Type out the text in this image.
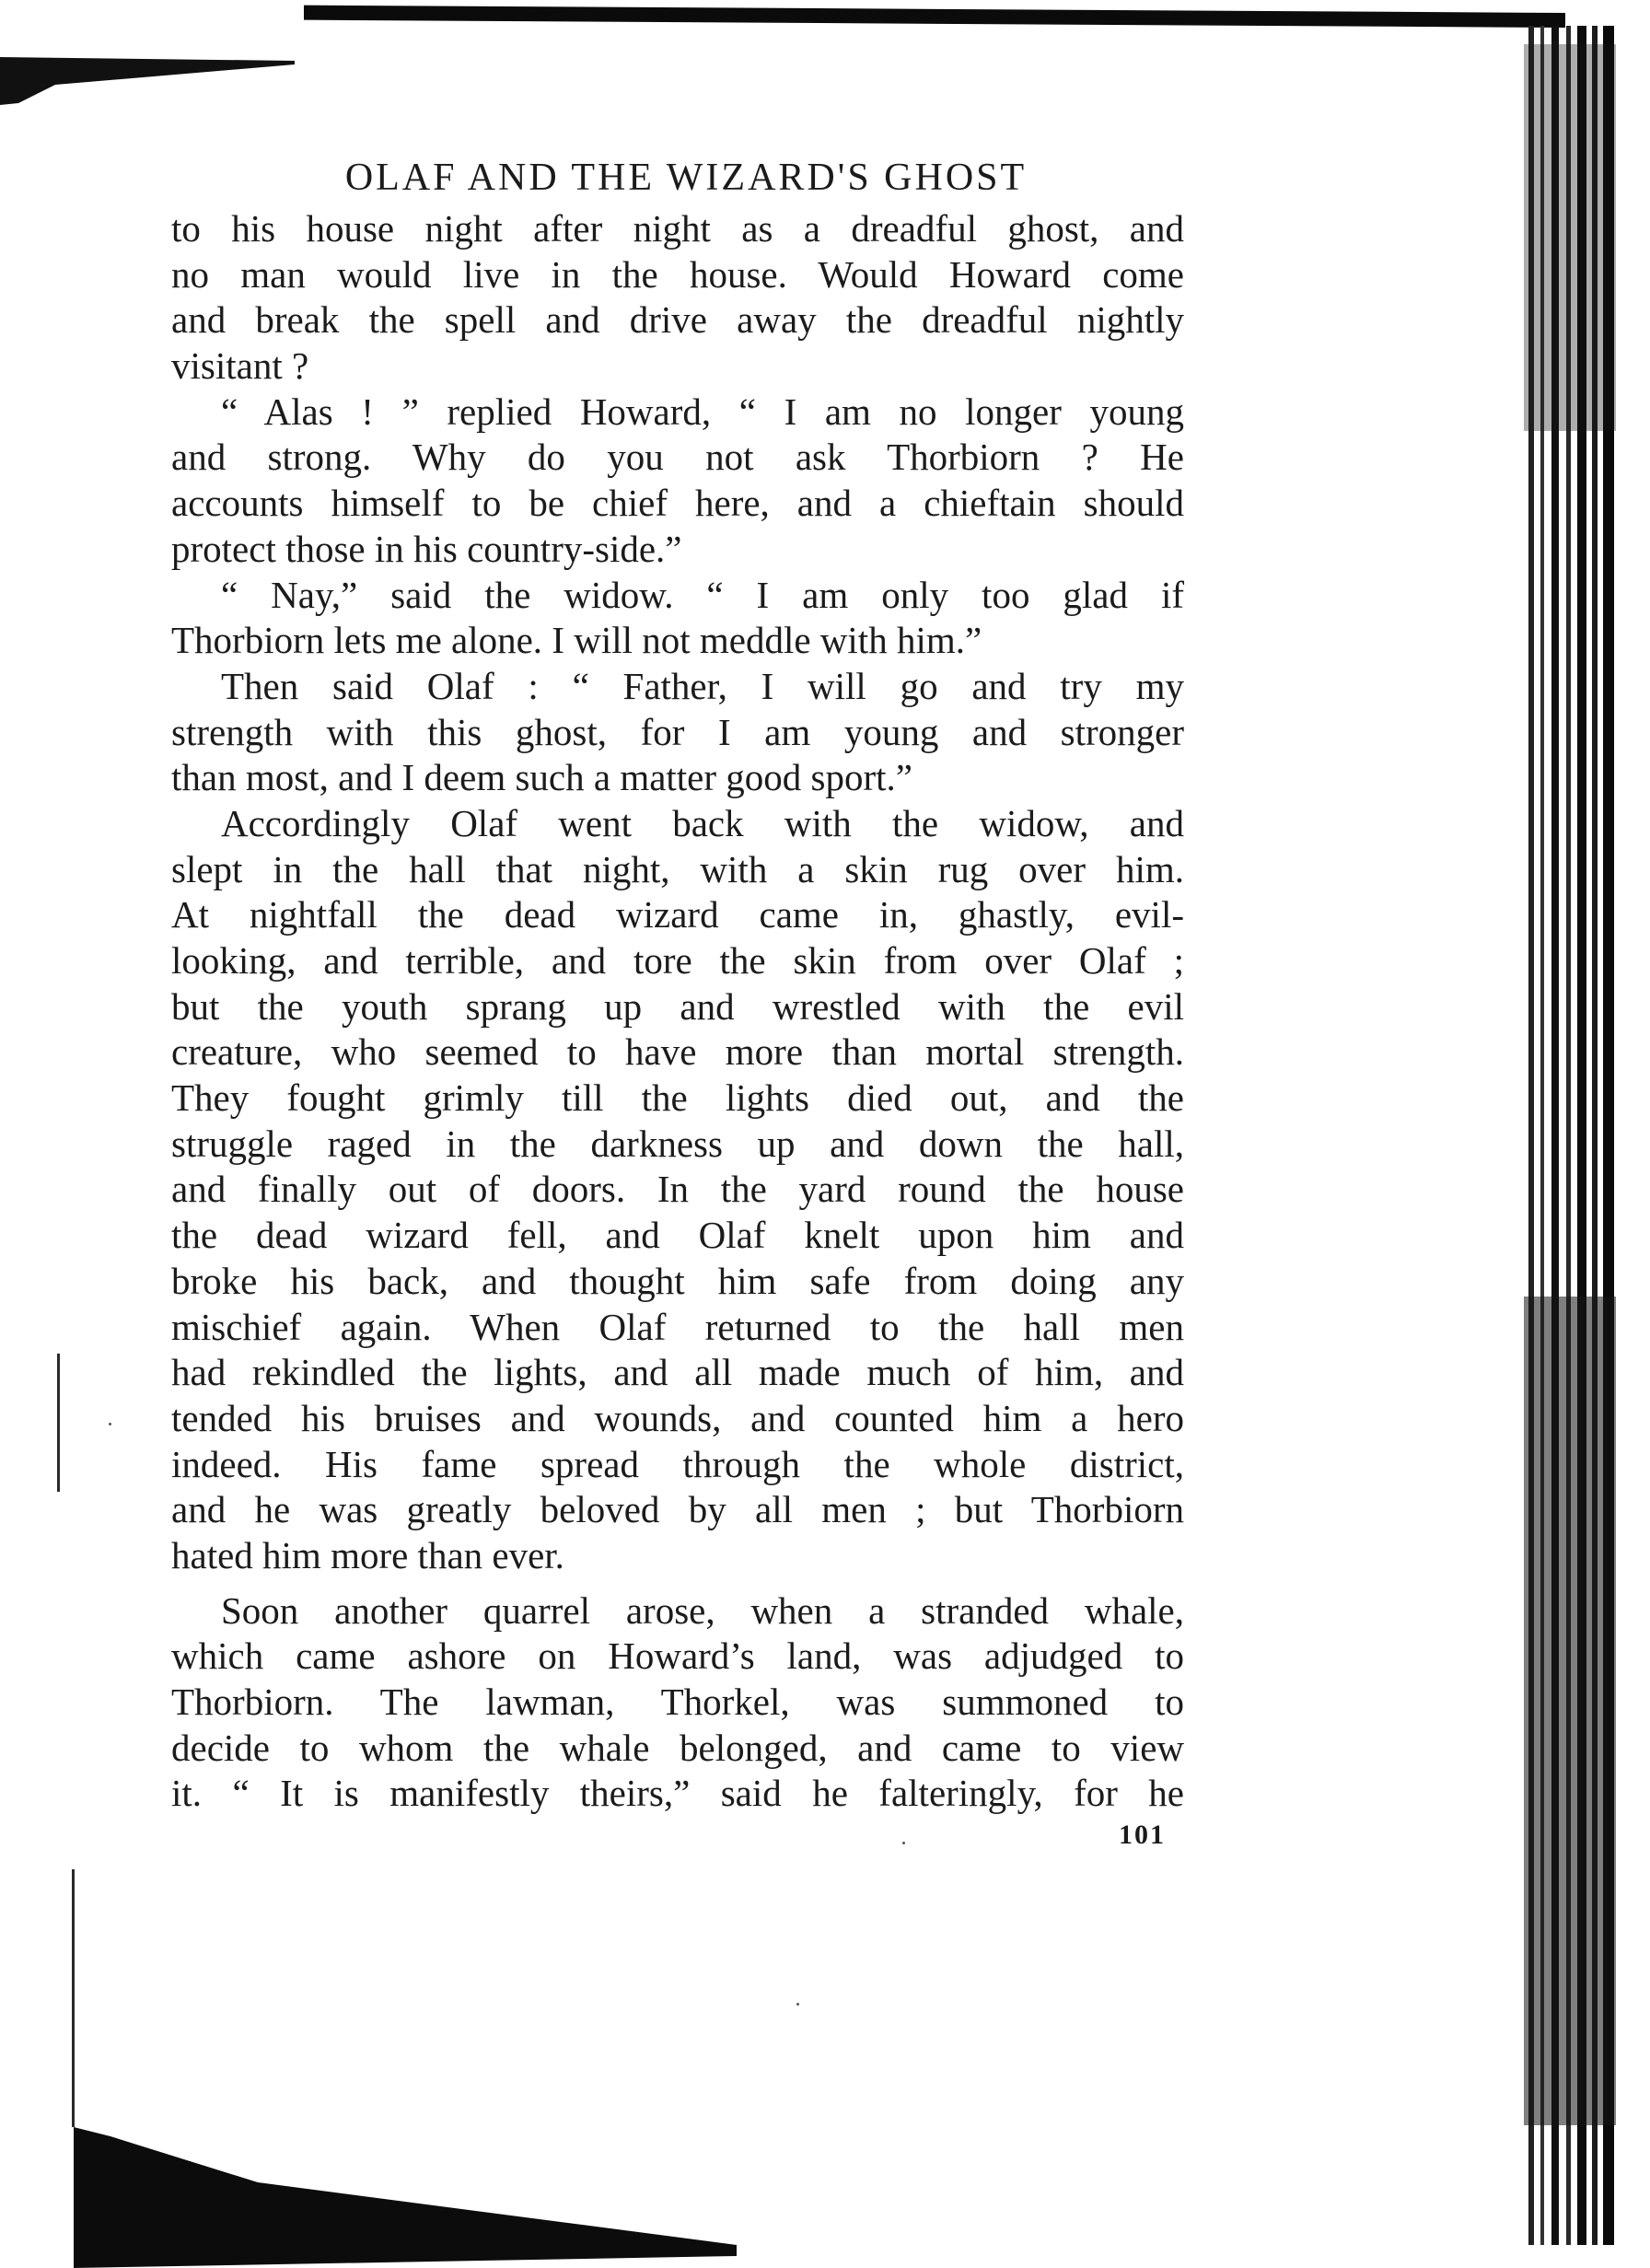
OLAF AND THE WIZARD'S GHOST
to his house night after night as a dreadful ghost, and
no man would live in the house. Would Howard come
and break the spell and drive away the dreadful nightly
visitant ?
“ Alas ! ” replied Howard, “ I am no longer young
and strong. Why do you not ask Thorbiorn ? He
accounts himself to be chief here, and a chieftain should
protect those in his country-side.”
“ Nay,” said the widow. “ I am only too glad if
Thorbiorn lets me alone. I will not meddle with him.”
Then said Olaf : “ Father, I will go and try my
strength with this ghost, for I am young and stronger
than most, and I deem such a matter good sport.”
Accordingly Olaf went back with the widow, and
slept in the hall that night, with a skin rug over him.
At nightfall the dead wizard came in, ghastly, evil-
looking, and terrible, and tore the skin from over Olaf ;
but the youth sprang up and wrestled with the evil
creature, who seemed to have more than mortal strength.
They fought grimly till the lights died out, and the
struggle raged in the darkness up and down the hall,
and finally out of doors. In the yard round the house
the dead wizard fell, and Olaf knelt upon him and
broke his back, and thought him safe from doing any
mischief again. When Olaf returned to the hall men
had rekindled the lights, and all made much of him, and
tended his bruises and wounds, and counted him a hero
indeed. His fame spread through the whole district,
and he was greatly beloved by all men ; but Thorbiorn
hated him more than ever.
Soon another quarrel arose, when a stranded whale,
which came ashore on Howard’s land, was adjudged to
Thorbiorn. The lawman, Thorkel, was summoned to
decide to whom the whale belonged, and came to view
it. “ It is manifestly theirs,” said he falteringly, for he
101
